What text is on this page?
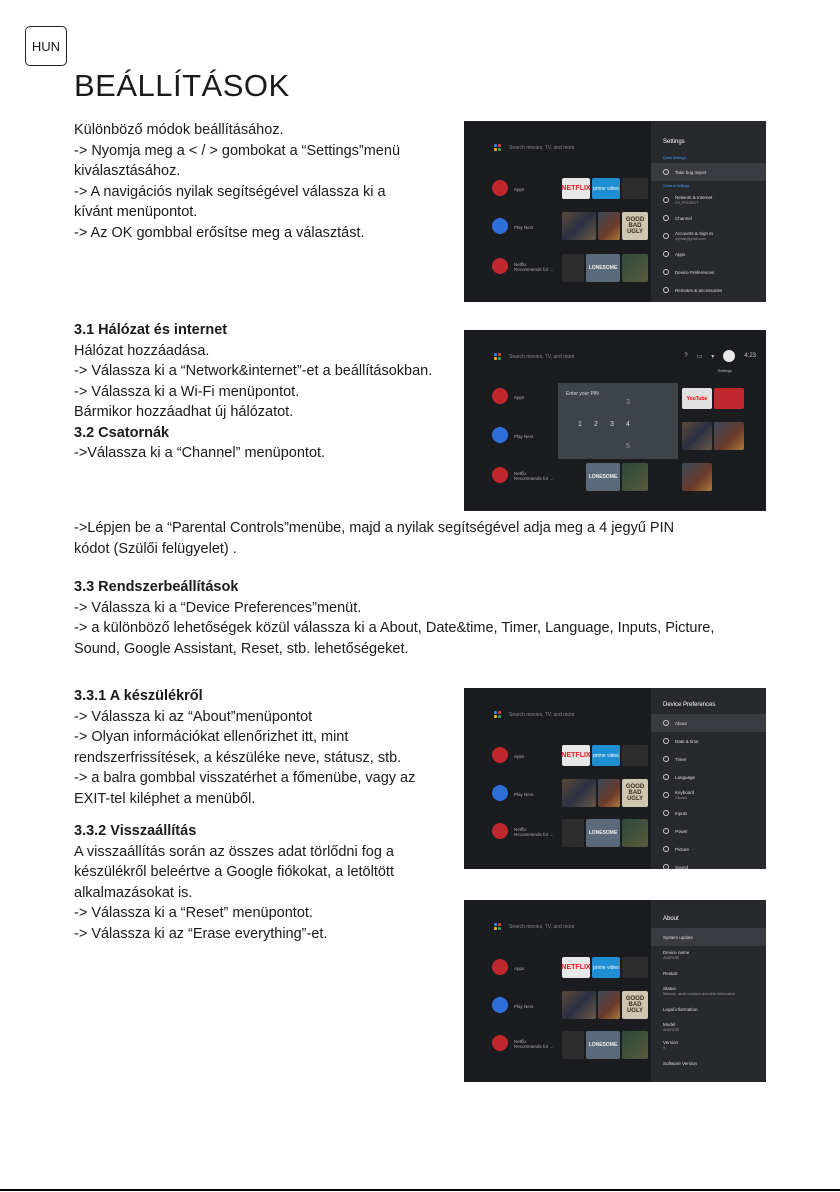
HUN
BEÁLLÍTÁSOK

Különböző módok beállításához.

-> Nyomja meg a < / > gombokat a “Settings”menü

kiválasztásához.

-> A navigációs nyilak segítségével válassza ki a

kívánt menüpontot.

-> Az OK gombbal erősítse meg a választást.

3.1 Hálózat és internet

Hálózat hozzáadása.

-> Válassza ki a “Network&internet”-et a beállításokban.

-> Válassza ki a Wi-Fi menüpontot.

Bármikor hozzáadhat új hálózatot.

3.2 Csatornák

->Válassza ki a “Channel” menüpontot.

->Lépjen be a “Parental Controls”menübe, majd a nyilak segítségével adja meg a 4 jegyű PIN

kódot (Szülői felügyelet) .

3.3 Rendszerbeállítások

-> Válassza ki a “Device Preferences”menüt.

-> a különböző lehetőségek közül válassza ki a About, Date&time, Timer, Language, Inputs, Picture,

Sound, Google Assistant, Reset, stb. lehetőségeket.

3.3.1 A készülékről

-> Válassza ki az “About”menüpontot

-> Olyan információkat ellenőrizhet itt, mint

rendszerfrissítések, a készüléke neve, státusz, stb.

-> a balra gombbal visszatérhet a főmenübe, vagy az

EXIT-tel kiléphet a menüből.

3.3.2 Visszaállítás

A visszaállítás során az összes adat törlődni fog a

készülékről beleértve a Google fiókokat, a letöltött

alkalmazásokat is.

-> Válassza ki a “Reset” menüpontot.

-> Válassza ki az “Erase everything”-et.

Search movies, TV, and more
Apps	NETFLIX prime video
Play Next
GOOD BAD UGLY
Netflix Recommends for ...	LONESOME
Settings
Quick Settings
Take bug report
General Settings
Network & Internet
CH_PROJECT
Channel
Accounts & Sign In
mymail@gmail.com
Apps
Device Preferences
Remotes & accessories
Search movies, TV, and more	? ▭ ▾	4:23
Settings
Apps	YouTube
Play Next
Netflix Recommends for ...	LONESOME
Enter your PIN
3
1 2 3 4
5
Search movies, TV, and more
Apps	NETFLIX prime video
Play Next
GOOD BAD UGLY
Netflix Recommends for ...	LONESOME
Device Preferences
About
Date & time
Timer
Language
Keyboard
Gboard
Inputs
Power
Picture
Sound
Search movies, TV, and more
Apps	NETFLIX prime video
Play Next
GOOD BAD UGLY
Netflix Recommends for ...	LONESOME
About
System update
Device name
ANDROID
Restart
Status
Network, serial numbers and other information
Legal information
Model
ANDROID
Version
9
Software Version
